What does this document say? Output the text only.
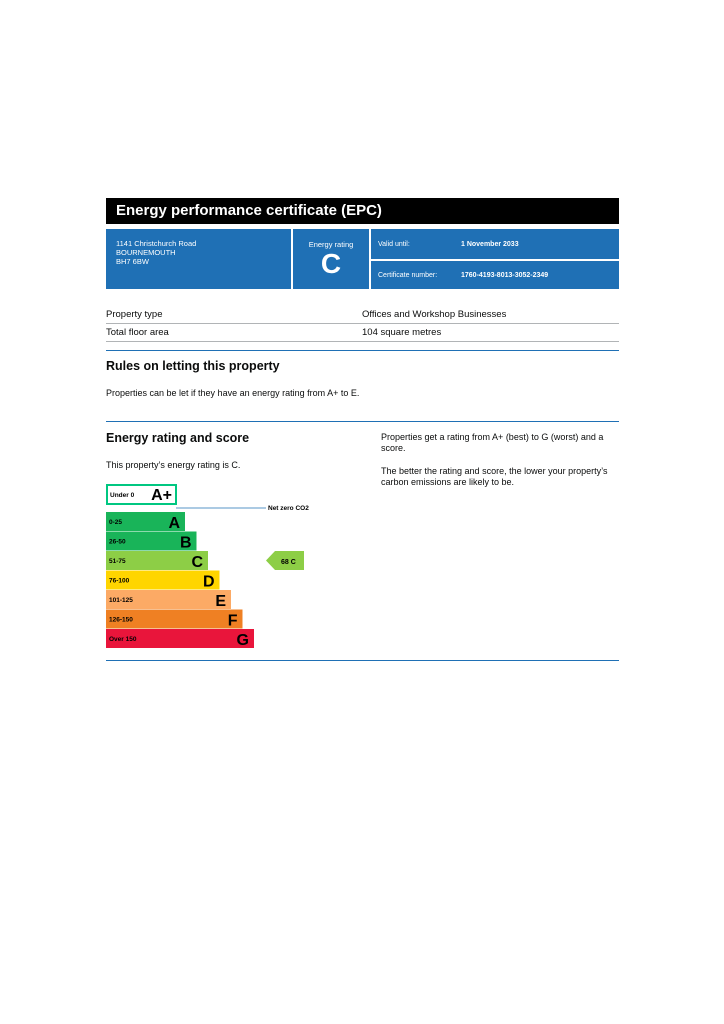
Energy performance certificate (EPC)
1141 Christchurch Road
BOURNEMOUTH
BH7 6BW
Energy rating
C
Valid until:	1 November 2033
Certificate number:	1760-4193-8013-3052-2349
Property type	Offices and Workshop Businesses
Total floor area	104 square metres
Rules on letting this property
Properties can be let if they have an energy rating from A+ to E.
Energy rating and score
This property’s energy rating is C.
Properties get a rating from A+ (best) to G (worst) and a
score.
The better the rating and score, the lower your property’s
carbon emissions are likely to be.
Under 0 A+
Net zero CO2
0-25	A
26-50	B
51-75	C
76-100	D
101-125	E
126-150	F
Over 150	G
68 C
